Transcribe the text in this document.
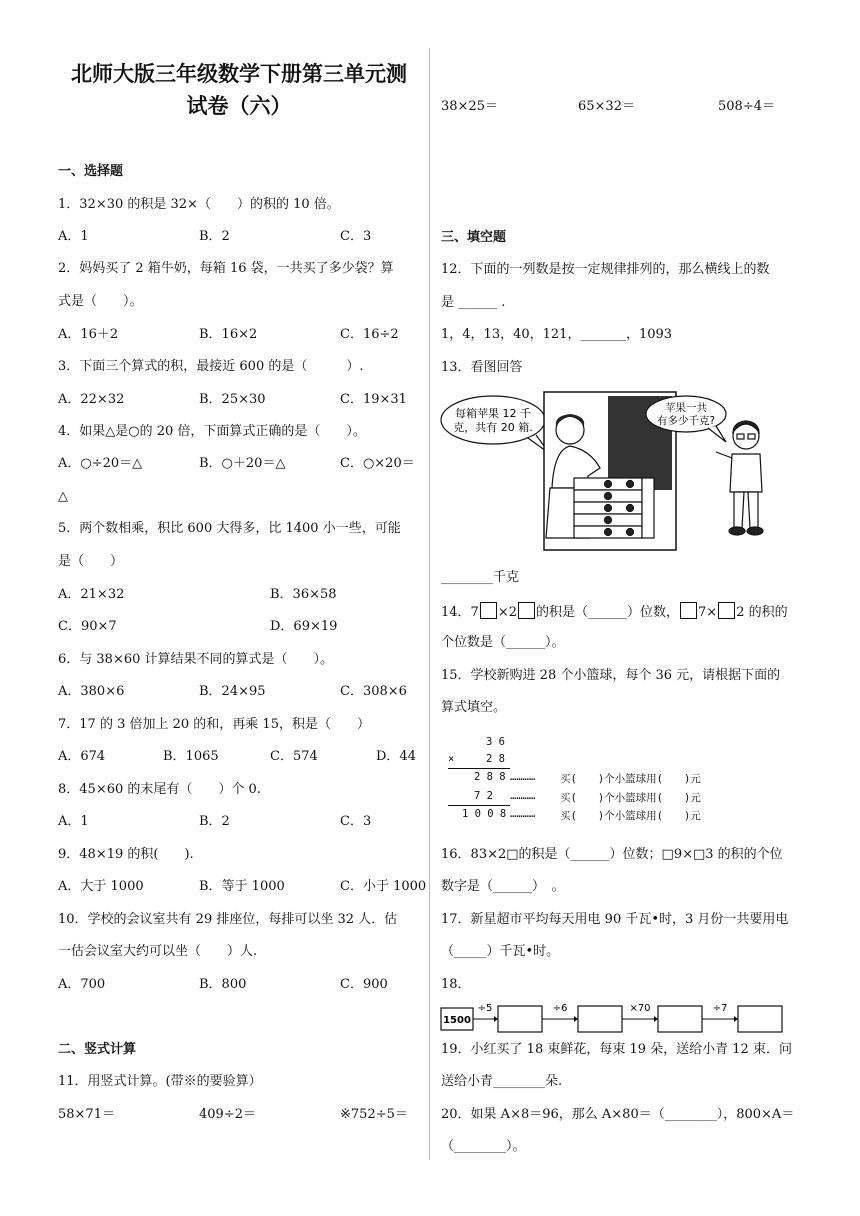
北师大版三年级数学下册第三单元测
试卷（六）
一、选择题
1．32×30 的积是 32×（　　）的积的 10 倍。
A．1	B．2	C．3
2．妈妈买了 2 箱牛奶，每箱 16 袋，一共买了多少袋？算
式是（　　）。
A．16＋2	B．16×2	C．16÷2
3．下面三个算式的积，最接近 600 的是（　　　）.
A．22×32	B．25×30	C．19×31
4．如果△是○的 20 倍，下面算式正确的是（　　）。
A．○÷20＝△	B．○＋20＝△	C．○×20＝
△
5．两个数相乘，积比 600 大得多，比 1400 小一些，可能
是（　　）
A．21×32	B．36×58
C．90×7	D．69×19
6．与 38×60 计算结果不同的算式是（　　）。
A．380×6	B．24×95	C．308×6
7．17 的 3 倍加上 20 的和，再乘 15，积是（　　）
A．674	B．1065	C．574	D．44
8．45×60 的末尾有（　　）个 0.
A．1	B．2	C．3
9．48×19 的积(　　).
A．大于 1000	B．等于 1000	C．小于 1000
10．学校的会议室共有 29 排座位，每排可以坐 32 人．估
一估会议室大约可以坐（　　）人.
A．700	B．800	C．900
二、竖式计算
11．用竖式计算。(带※的要验算）
58×71＝	409÷2＝	※752÷5＝
38×25＝	65×32＝	508÷4＝
三、填空题
12．下面的一列数是按一定规律排列的，那么横线上的数
是 ______ .
1，4，13，40，121，_______，1093
13．看图回答
每箱苹果 12 千
克，共有 20 箱.
苹果一共
有多少千克?
________千克
14．7 ×2 的积是（______）位数， 7× 2 的积的
个位数是（______）。
15．学校新购进 28 个小篮球，每个 36 元，请根据下面的
算式填空。
3 6
×	2 8
2 8 8 ………… 买(　　)个小篮球用(　　)元
7 2 ………… 买(　　)个小篮球用(　　)元
1 0 0 8 ………… 买(　　)个小篮球用(　　)元
16．83×2□的积是（______）位数；□9×□3 的积的个位
数字是（______）　。
17．新星超市平均每天用电 90 千瓦•时，3 月份一共要用电
（_____）千瓦•时。
18．
1500
÷5	÷6	×70	÷7
19．小红买了 18 束鲜花，每束 19 朵，送给小青 12 束．问
送给小青________朵.
20．如果 A×8＝96，那么 A×80＝（________），800×A＝
（________）。
